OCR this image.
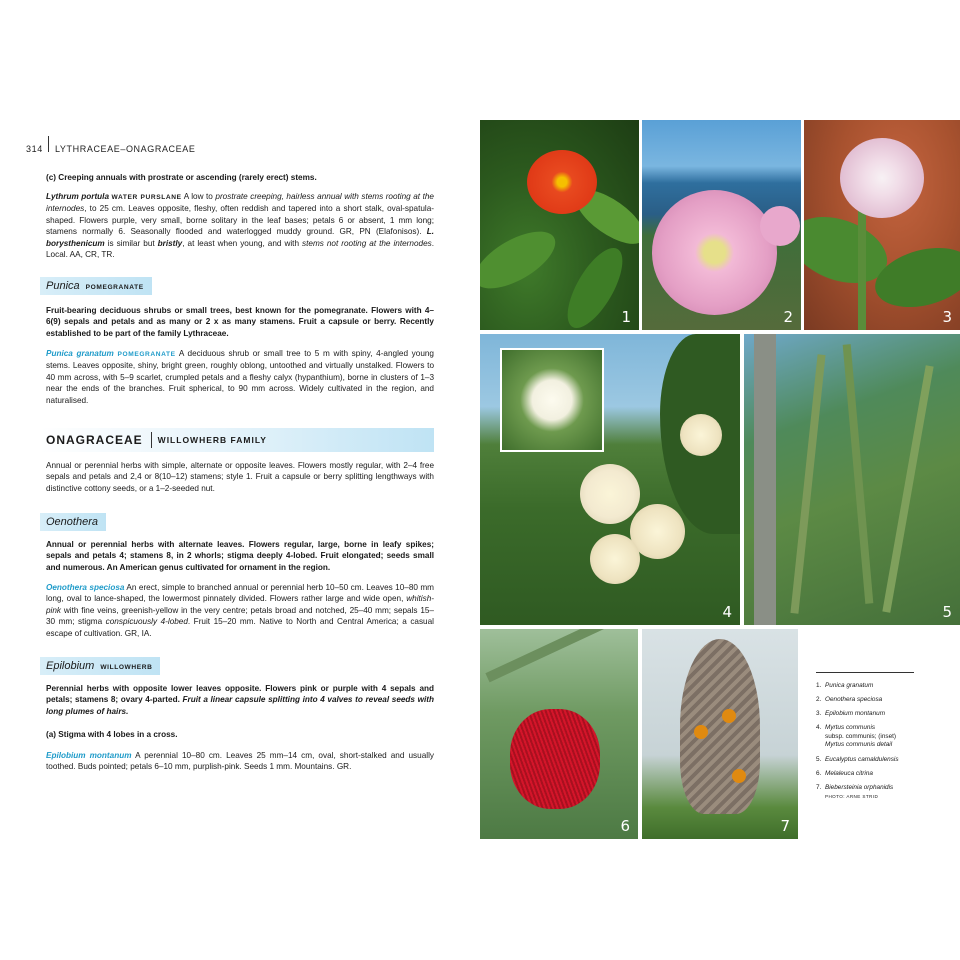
314 LYTHRACEAE–ONAGRACEAE

(c) Creeping annuals with prostrate or ascending (rarely erect) stems.

Lythrum portula WATER PURSLANE A low to prostrate creeping, hairless annual with stems rooting at the internodes, to 25 cm. Leaves opposite, fleshy, often reddish and tapered into a short stalk, oval-spatula-shaped. Flowers purple, very small, borne solitary in the leaf bases; petals 6 or absent, 1 mm long; stamens normally 6. Seasonally flooded and waterlogged muddy ground. GR, PN (Elafonisos). L. borysthenicum is similar but bristly, at least when young, and with stems not rooting at the internodes. Local. AA, CR, TR.

Punica POMEGRANATE

Fruit-bearing deciduous shrubs or small trees, best known for the pomegranate. Flowers with 4–6(9) sepals and petals and as many or 2 x as many stamens. Fruit a capsule or berry. Recently established to be part of the family Lythraceae.

Punica granatum POMEGRANATE A deciduous shrub or small tree to 5 m with spiny, 4-angled young stems. Leaves opposite, shiny, bright green, roughly oblong, untoothed and virtually unstalked. Flowers to 40 mm across, with 5–9 scarlet, crumpled petals and a fleshy calyx (hypanthium), borne in clusters of 1–3 near the ends of the branches. Fruit spherical, to 90 mm across. Widely cultivated in the region, and naturalised.

ONAGRACEAE	WILLOWHERB FAMILY

Annual or perennial herbs with simple, alternate or opposite leaves. Flowers mostly regular, with 2–4 free sepals and petals and 2,4 or 8(10–12) stamens; style 1. Fruit a capsule or berry splitting lengthways with distinctive cottony seeds, or a 1–2-seeded nut.

Oenothera

Annual or perennial herbs with alternate leaves. Flowers regular, large, borne in leafy spikes; sepals and petals 4; stamens 8, in 2 whorls; stigma deeply 4-lobed. Fruit elongated; seeds small and numerous. An American genus cultivated for ornament in the region.

Oenothera speciosa An erect, simple to branched annual or perennial herb 10–50 cm. Leaves 10–80 mm long, oval to lance-shaped, the lowermost pinnately divided. Flowers rather large and wide open, whitish-pink with fine veins, greenish-yellow in the very centre; petals broad and notched, 25–40 mm; sepals 15–30 mm; stigma conspicuously 4-lobed. Fruit 15–20 mm. Native to North and Central America; a casual escape of cultivation. GR, IA.

Epilobium WILLOWHERB

Perennial herbs with opposite lower leaves opposite. Flowers pink or purple with 4 sepals and petals; stamens 8; ovary 4-parted. Fruit a linear capsule splitting into 4 valves to reveal seeds with long plumes of hairs.

(a) Stigma with 4 lobes in a cross.

Epilobium montanum A perennial 10–80 cm. Leaves 25 mm–14 cm, oval, short-stalked and usually toothed. Buds pointed; petals 6–10 mm, purplish-pink. Seeds 1 mm. Mountains. GR.

1	2	3
4	5
6	7
1. Punica granatum
2. Oenothera speciosa
3. Epilobium montanum
4. Myrtus communis
subsp. communis; (inset)
Myrtus communis detail
5. Eucalyptus camaldulensis
6. Melaleuca citrina
7. Biebersteinia orphanidis
PHOTO: ARNE STRID
